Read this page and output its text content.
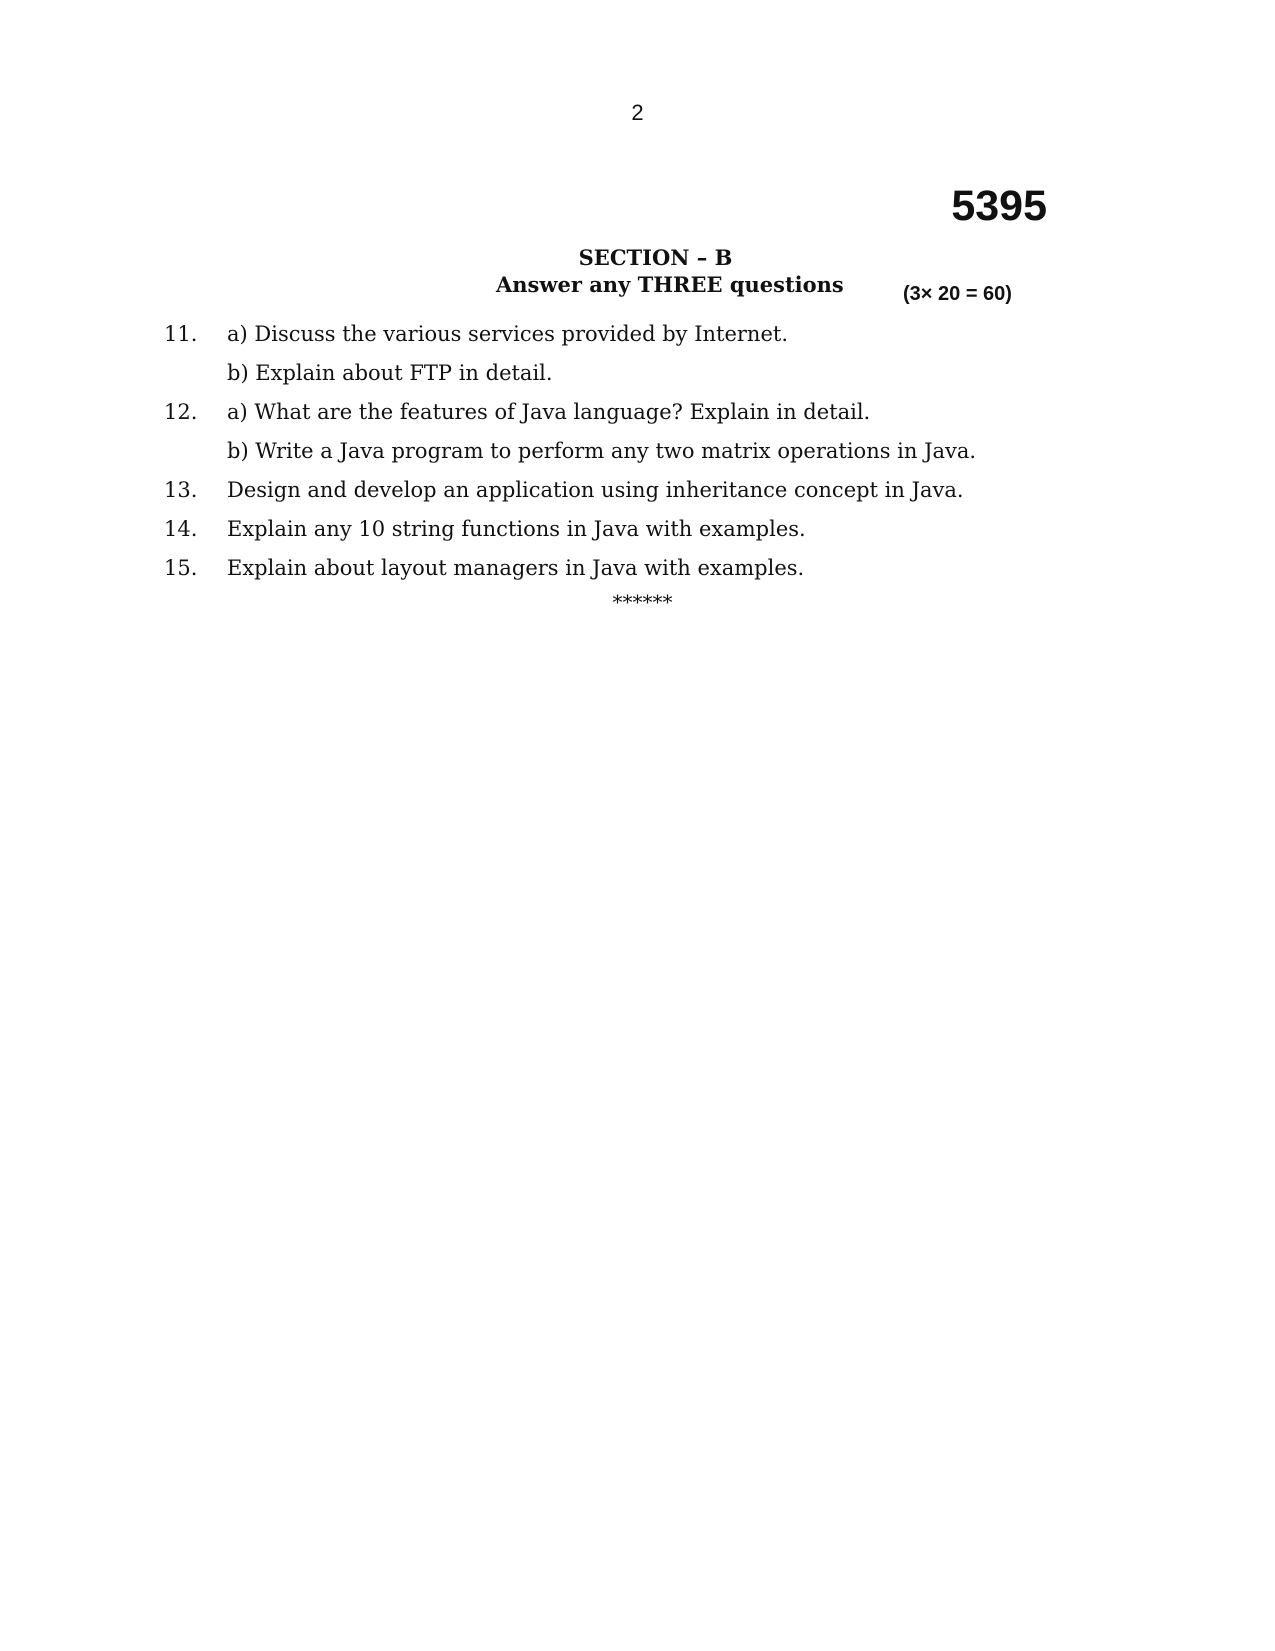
2
5395
SECTION – B
Answer any THREE questions	(3× 20 = 60)
11. a) Discuss the various services provided by Internet.
b) Explain about FTP in detail.
12. a) What are the features of Java language? Explain in detail.
b) Write a Java program to perform any two matrix operations in Java.
13. Design and develop an application using inheritance concept in Java.
14. Explain any 10 string functions in Java with examples.
15. Explain about layout managers in Java with examples.
******
